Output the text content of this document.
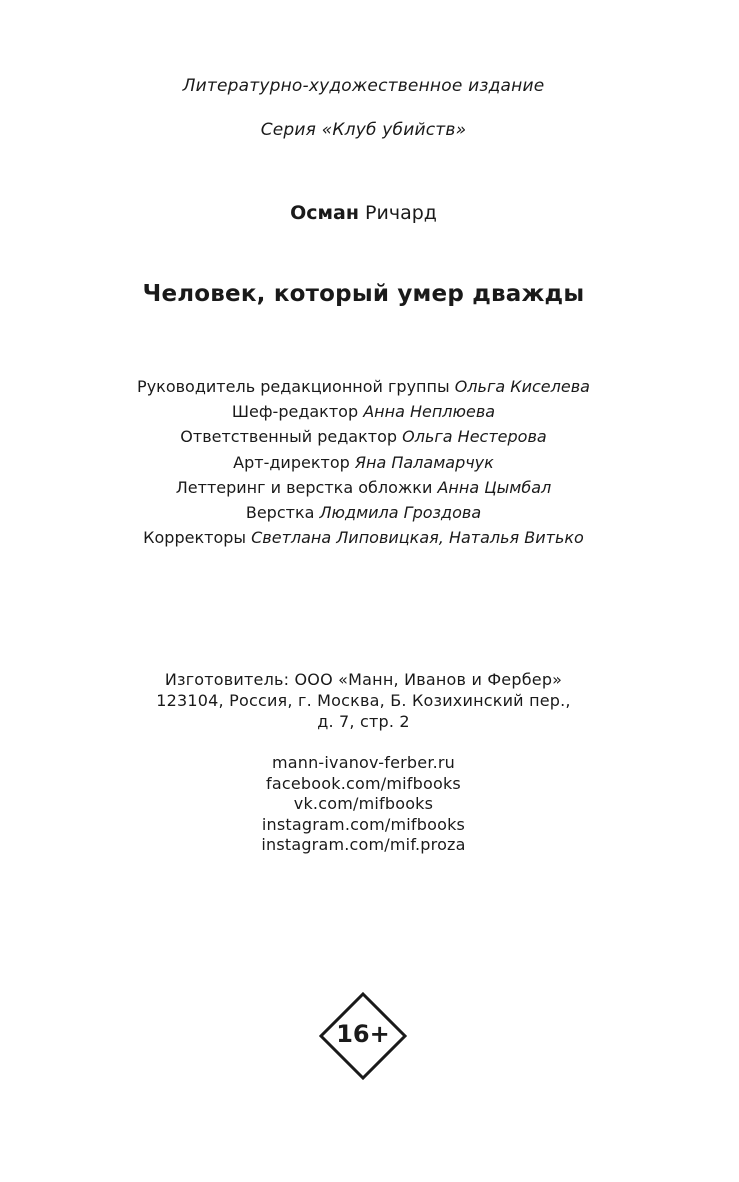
Литературно-художественное издание
Серия «Клуб убийств»
Осман Ричард
Человек, который умер дважды
Руководитель редакционной группы Ольга Киселева
Шеф-редактор Анна Неплюева
Ответственный редактор Ольга Нестерова
Арт-директор Яна Паламарчук
Леттеринг и верстка обложки Анна Цымбал
Верстка Людмила Гроздова
Корректоры Светлана Липовицкая, Наталья Витько
Изготовитель: ООО «Манн, Иванов и Фербер»
123104, Россия, г. Москва, Б. Козихинский пер.,
д. 7, стр. 2
mann-ivanov-ferber.ru
facebook.com/mifbooks
vk.com/mifbooks
instagram.com/mifbooks
instagram.com/mif.proza
16+
